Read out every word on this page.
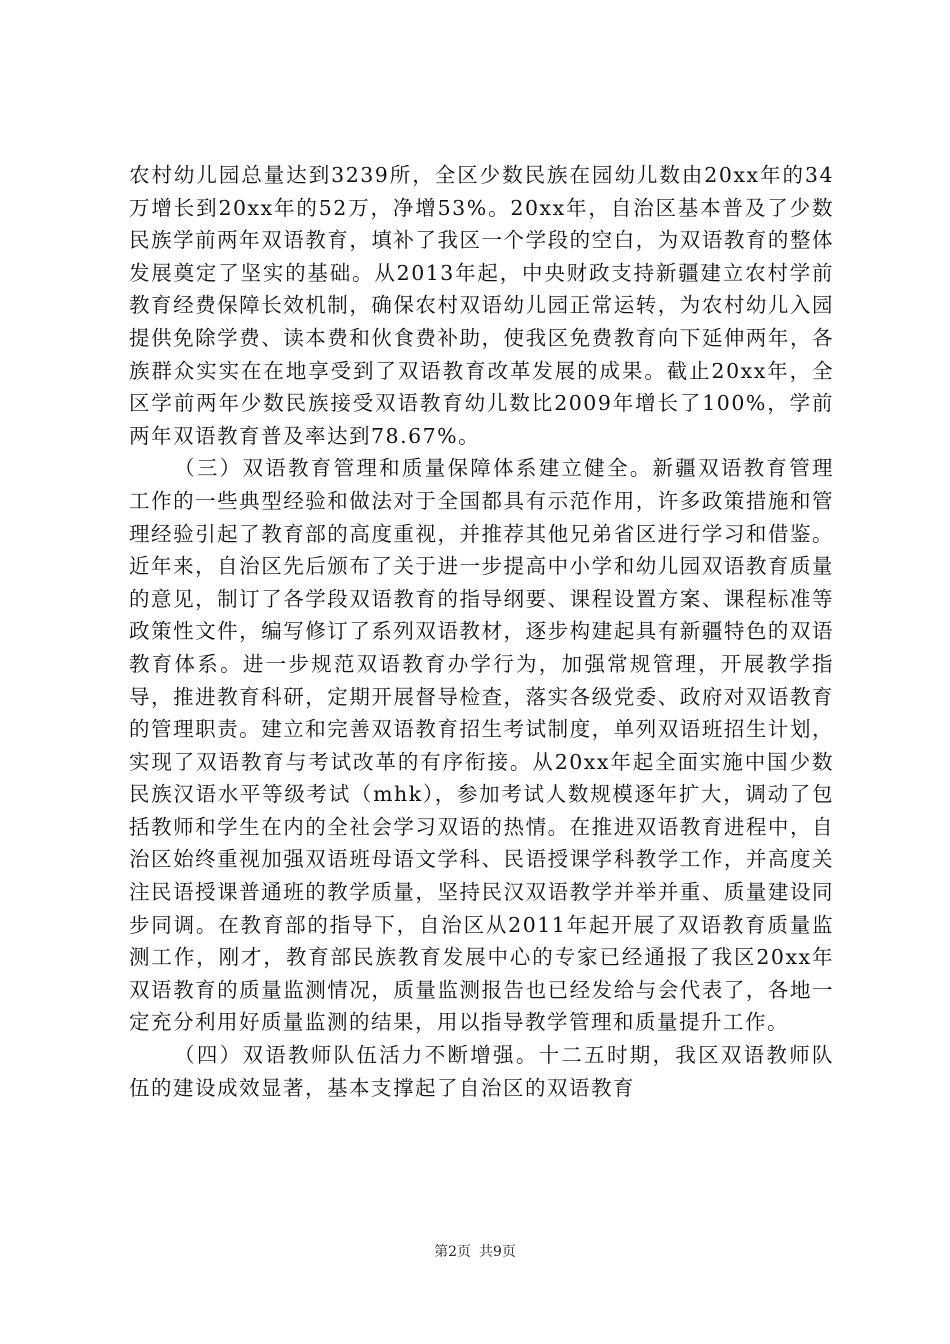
农村幼儿园总量达到3239所，全区少数民族在园幼儿数由20xx年的34万增长到20xx年的52万，净增53%。20xx年，自治区基本普及了少数民族学前两年双语教育，填补了我区一个学段的空白，为双语教育的整体发展奠定了坚实的基础。从2013年起，中央财政支持新疆建立农村学前教育经费保障长效机制，确保农村双语幼儿园正常运转，为农村幼儿入园提供免除学费、读本费和伙食费补助，使我区免费教育向下延伸两年，各族群众实实在在地享受到了双语教育改革发展的成果。截止20xx年，全区学前两年少数民族接受双语教育幼儿数比2009年增长了100%，学前两年双语教育普及率达到78.67%。

（三）双语教育管理和质量保障体系建立健全。新疆双语教育管理工作的一些典型经验和做法对于全国都具有示范作用，许多政策措施和管理经验引起了教育部的高度重视，并推荐其他兄弟省区进行学习和借鉴。近年来，自治区先后颁布了关于进一步提高中小学和幼儿园双语教育质量的意见，制订了各学段双语教育的指导纲要、课程设置方案、课程标准等政策性文件，编写修订了系列双语教材，逐步构建起具有新疆特色的双语教育体系。进一步规范双语教育办学行为，加强常规管理，开展教学指导，推进教育科研，定期开展督导检查，落实各级党委、政府对双语教育的管理职责。建立和完善双语教育招生考试制度，单列双语班招生计划，实现了双语教育与考试改革的有序衔接。从20xx年起全面实施中国少数民族汉语水平等级考试（mhk），参加考试人数规模逐年扩大，调动了包括教师和学生在内的全社会学习双语的热情。在推进双语教育进程中，自治区始终重视加强双语班母语文学科、民语授课学科教学工作，并高度关注民语授课普通班的教学质量，坚持民汉双语教学并举并重、质量建设同步同调。在教育部的指导下，自治区从2011年起开展了双语教育质量监测工作，刚才，教育部民族教育发展中心的专家已经通报了我区20xx年双语教育的质量监测情况，质量监测报告也已经发给与会代表了，各地一定充分利用好质量监测的结果，用以指导教学管理和质量提升工作。

（四）双语教师队伍活力不断增强。十二五时期，我区双语教师队伍的建设成效显著，基本支撑起了自治区的双语教育

第2页 共9页
